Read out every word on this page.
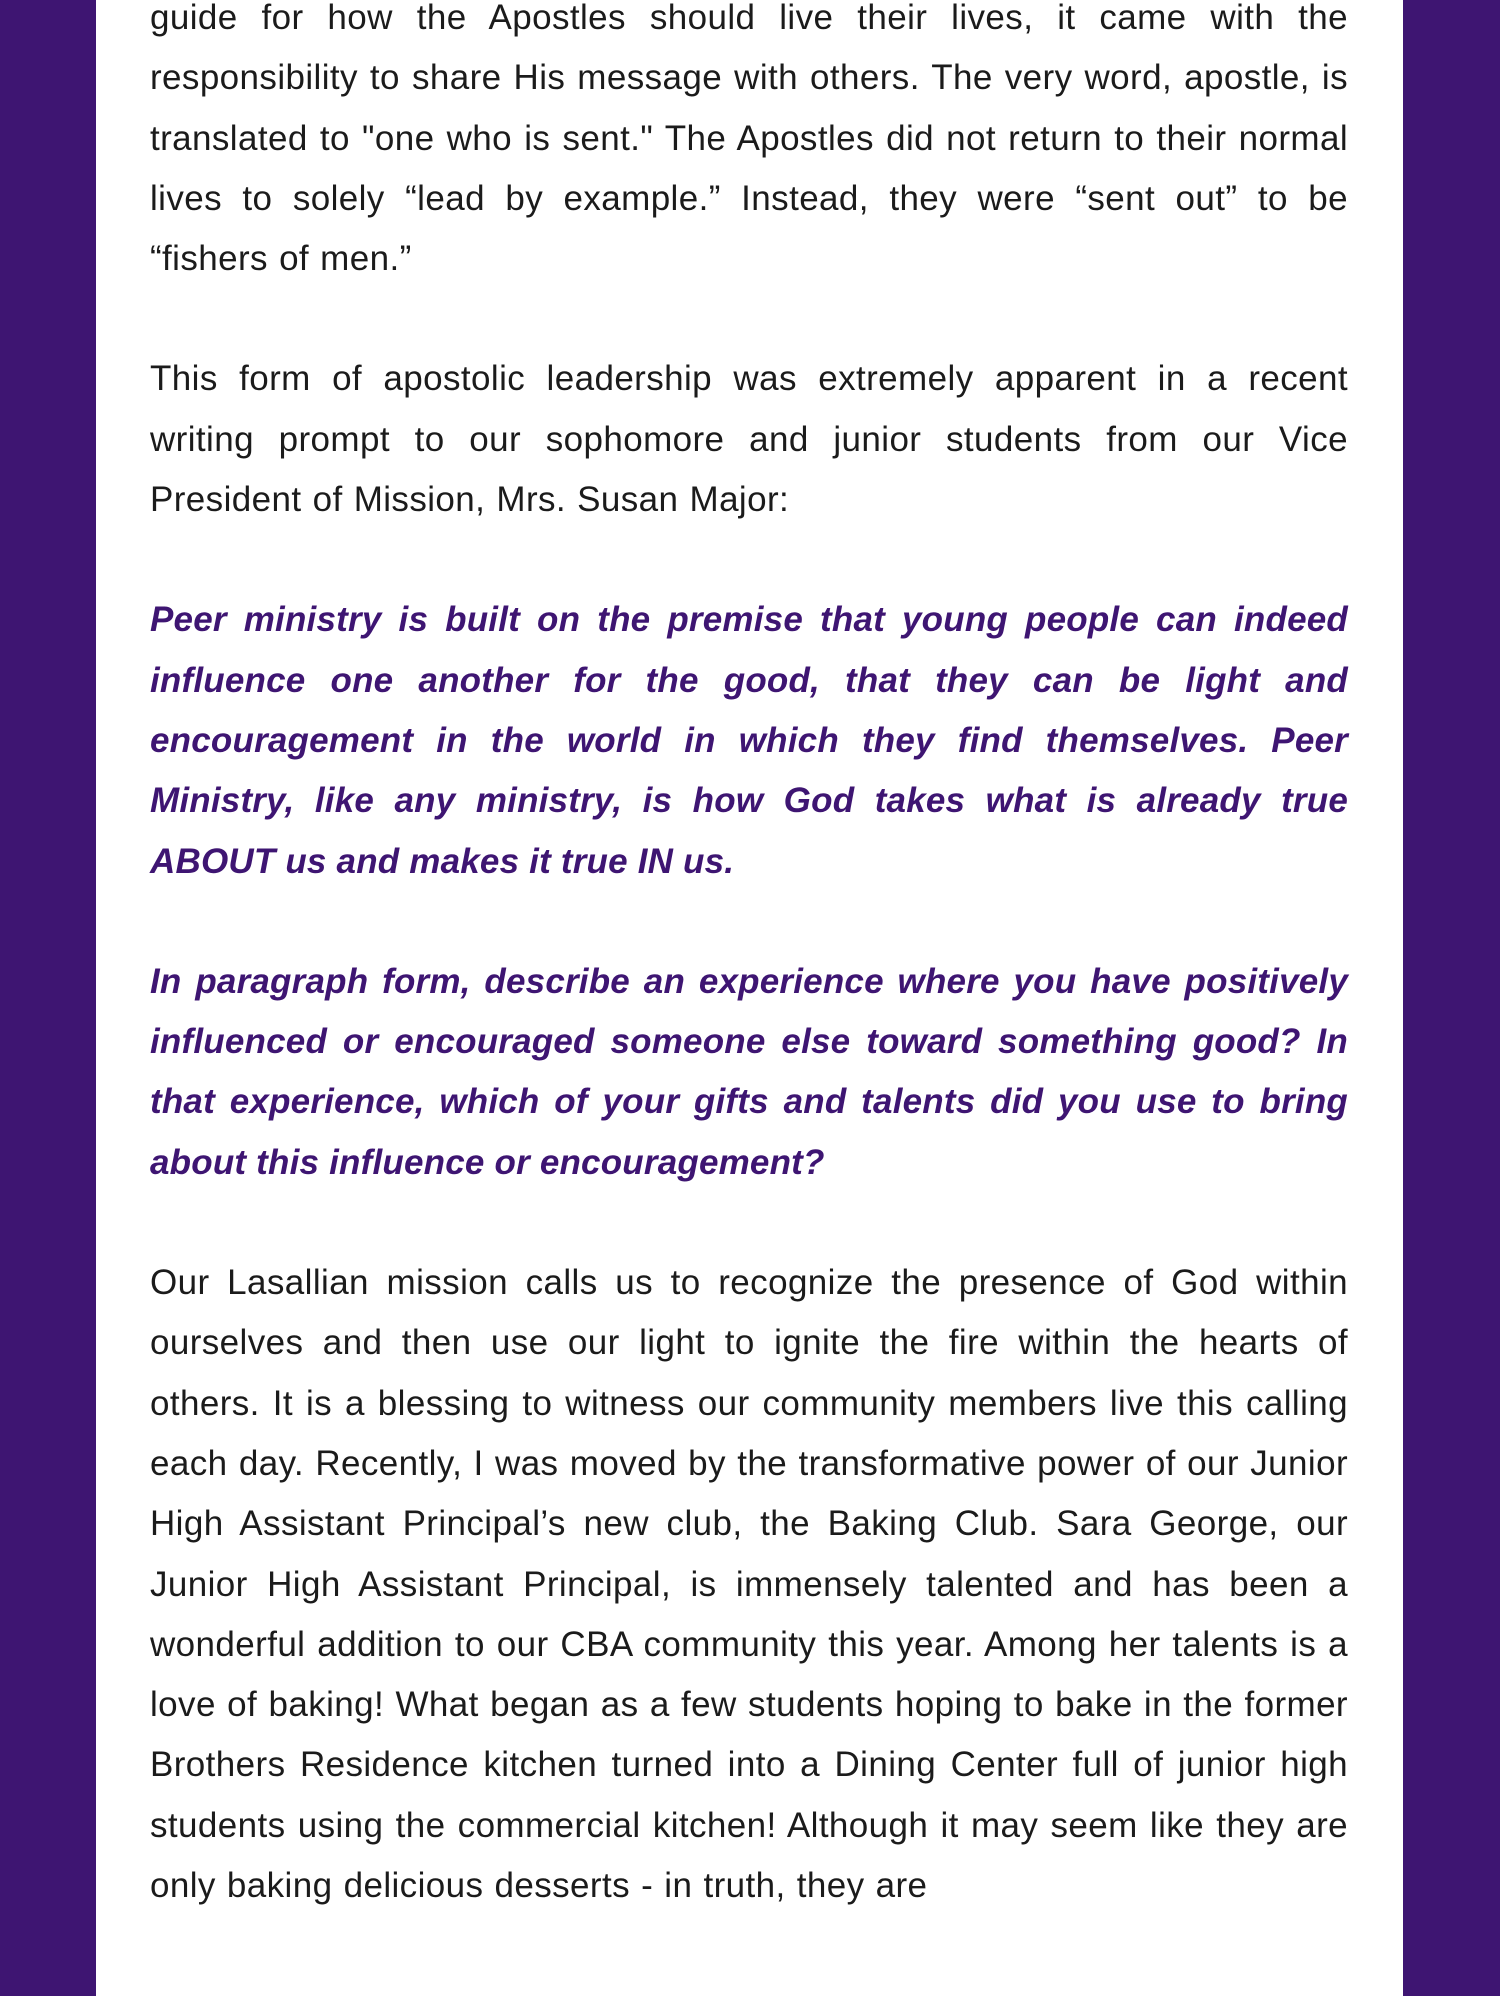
guide for how the Apostles should live their lives, it came with the responsibility to share His message with others. The very word, apostle, is translated to "one who is sent." The Apostles did not return to their normal lives to solely “lead by example.” Instead, they were “sent out” to be “fishers of men.”

This form of apostolic leadership was extremely apparent in a recent writing prompt to our sophomore and junior students from our Vice President of Mission, Mrs. Susan Major:

Peer ministry is built on the premise that young people can indeed influence one another for the good, that they can be light and encouragement in the world in which they find themselves. Peer Ministry, like any ministry, is how God takes what is already true ABOUT us and makes it true IN us.

In paragraph form, describe an experience where you have positively influenced or encouraged someone else toward something good? In that experience, which of your gifts and talents did you use to bring about this influence or encouragement?

Our Lasallian mission calls us to recognize the presence of God within ourselves and then use our light to ignite the fire within the hearts of others. It is a blessing to witness our community members live this calling each day. Recently, I was moved by the transformative power of our Junior High Assistant Principal’s new club, the Baking Club. Sara George, our Junior High Assistant Principal, is immensely talented and has been a wonderful addition to our CBA community this year. Among her talents is a love of baking! What began as a few students hoping to bake in the former Brothers Residence kitchen turned into a Dining Center full of junior high students using the commercial kitchen! Although it may seem like they are only baking delicious desserts - in truth, they are
